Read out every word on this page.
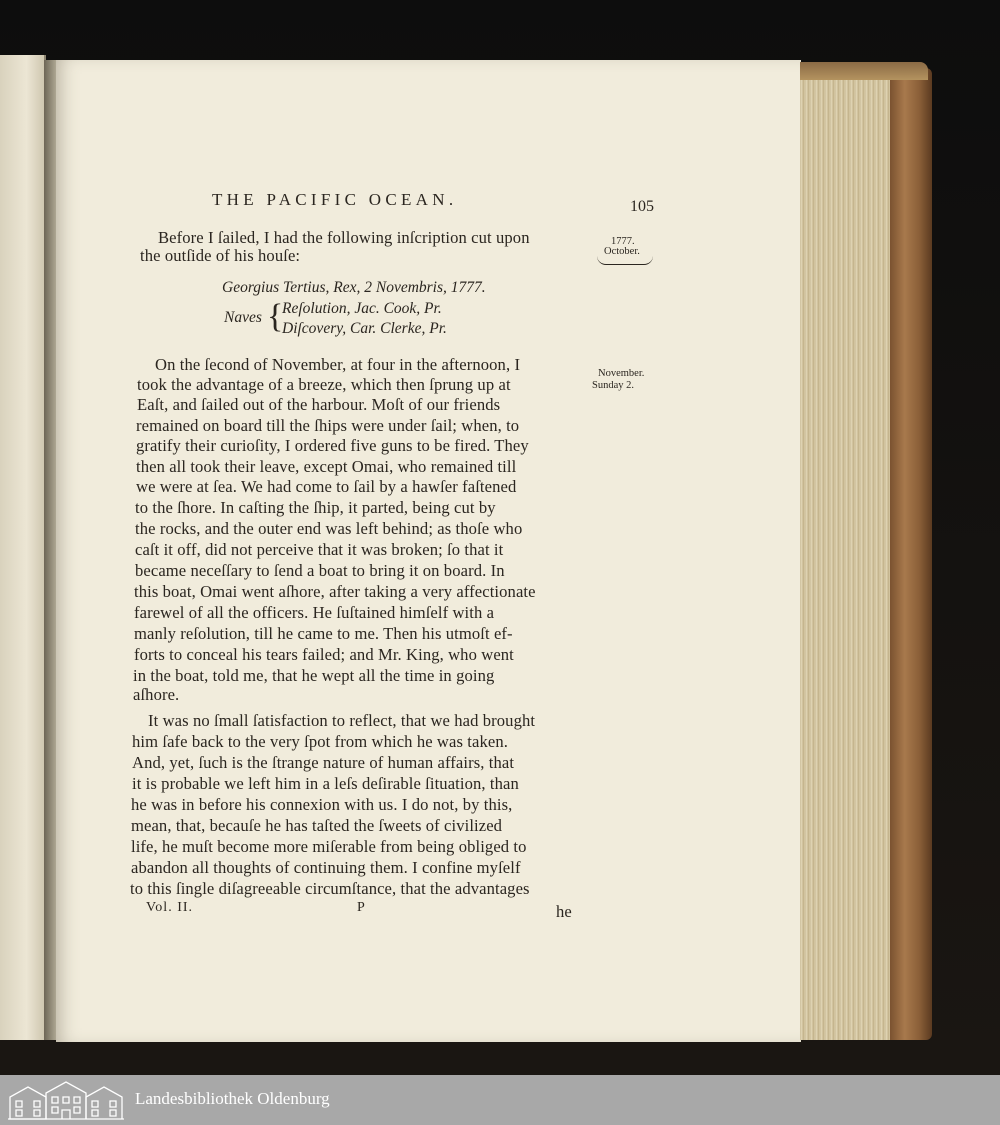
THE PACIFIC OCEAN.	105
1777.
October.
November.
Sunday 2.
Before I ſailed, I had the following inſcription cut upon
the outſide of his houſe:
Georgius Tertius, Rex, 2 Novembris, 1777.
Naves {
Reſolution, Jac. Cook, Pr.
Diſcovery, Car. Clerke, Pr.
On the ſecond of November, at four in the afternoon, I
took the advantage of a breeze, which then ſprung up at
Eaſt, and ſailed out of the harbour. Moſt of our friends
remained on board till the ſhips were under ſail; when, to
gratify their curioſity, I ordered five guns to be fired. They
then all took their leave, except Omai, who remained till
we were at ſea. We had come to ſail by a hawſer faſtened
to the ſhore. In caſting the ſhip, it parted, being cut by
the rocks, and the outer end was left behind; as thoſe who
caſt it off, did not perceive that it was broken; ſo that it
became neceſſary to ſend a boat to bring it on board. In
this boat, Omai went aſhore, after taking a very affectionate
farewel of all the officers. He ſuſtained himſelf with a
manly reſolution, till he came to me. Then his utmoſt ef-
forts to conceal his tears failed; and Mr. King, who went
in the boat, told me, that he wept all the time in going
aſhore.
It was no ſmall ſatisfaction to reflect, that we had brought
him ſafe back to the very ſpot from which he was taken.
And, yet, ſuch is the ſtrange nature of human affairs, that
it is probable we left him in a leſs deſirable ſituation, than
he was in before his connexion with us. I do not, by this,
mean, that, becauſe he has taſted the ſweets of civilized
life, he muſt become more miſerable from being obliged to
abandon all thoughts of continuing them. I confine myſelf
to this ſingle diſagreeable circumſtance, that the advantages
Vol. II.	P	he
Landesbibliothek Oldenburg
